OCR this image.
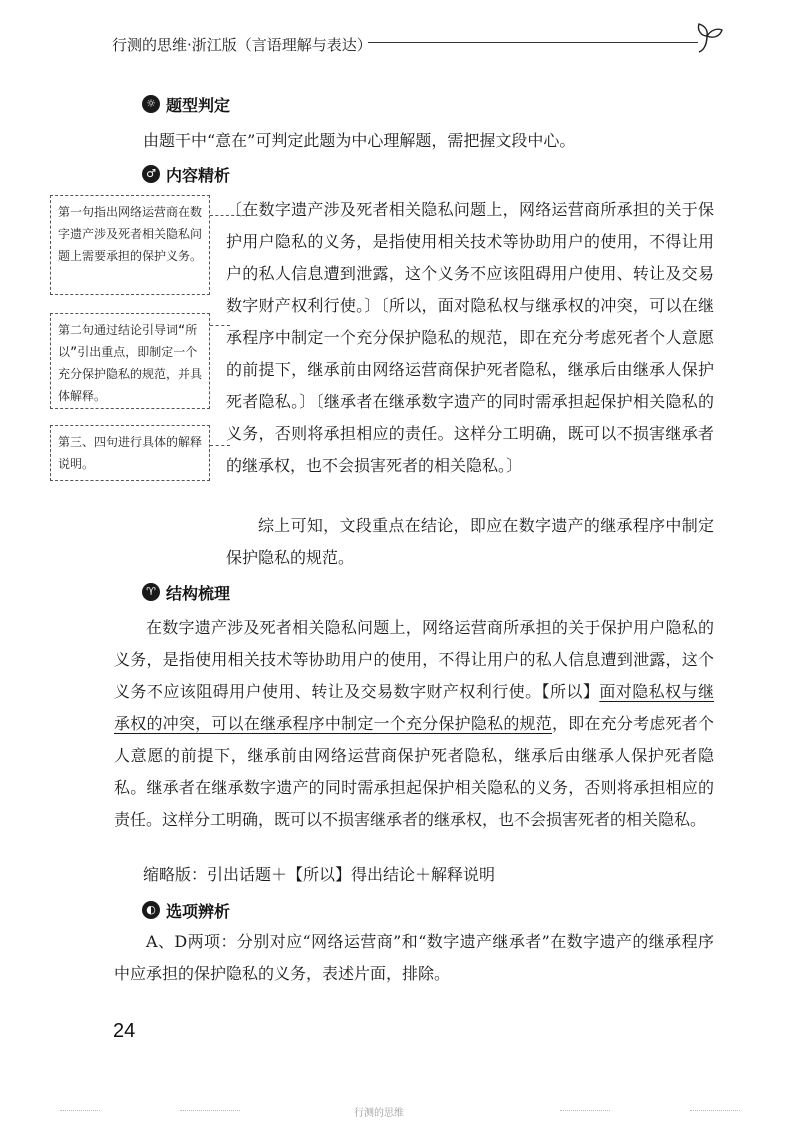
行测的思维·浙江版（言语理解与表达）
☼ 题型判定

由题干中“意在”可判定此题为中心理解题，需把握文段中心。

♂ 内容精析
第一句指出网络运营商在数字遗产涉及死者相关隐私问题上需要承担的保护义务。
第二句通过结论引导词“所以”引出重点，即制定一个充分保护隐私的规范，并具体解释。
第三、四句进行具体的解释说明。

〔在数字遗产涉及死者相关隐私问题上，网络运营商所承担的关于保护用户隐私的义务，是指使用相关技术等协助用户的使用，不得让用户的私人信息遭到泄露，这个义务不应该阻碍用户使用、转让及交易数字财产权利行使。〕〔所以，面对隐私权与继承权的冲突，可以在继承程序中制定一个充分保护隐私的规范，即在充分考虑死者个人意愿的前提下，继承前由网络运营商保护死者隐私，继承后由继承人保护死者隐私。〕〔继承者在继承数字遗产的同时需承担起保护相关隐私的义务，否则将承担相应的责任。这样分工明确，既可以不损害继承者的继承权，也不会损害死者的相关隐私。〕

综上可知，文段重点在结论，即应在数字遗产的继承程序中制定保护隐私的规范。

♈ 结构梳理

在数字遗产涉及死者相关隐私问题上，网络运营商所承担的关于保护用户隐私的义务，是指使用相关技术等协助用户的使用，不得让用户的私人信息遭到泄露，这个义务不应该阻碍用户使用、转让及交易数字财产权利行使。【所以】面对隐私权与继承权的冲突，可以在继承程序中制定一个充分保护隐私的规范，即在充分考虑死者个人意愿的前提下，继承前由网络运营商保护死者隐私，继承后由继承人保护死者隐私。继承者在继承数字遗产的同时需承担起保护相关隐私的义务，否则将承担相应的责任。这样分工明确，既可以不损害继承者的继承权，也不会损害死者的相关隐私。

缩略版：引出话题＋【所以】得出结论＋解释说明

◐ 选项辨析

A、D两项：分别对应“网络运营商”和“数字遗产继承者”在数字遗产的继承程序中应承担的保护隐私的义务，表述片面，排除。

24
行测的思维
